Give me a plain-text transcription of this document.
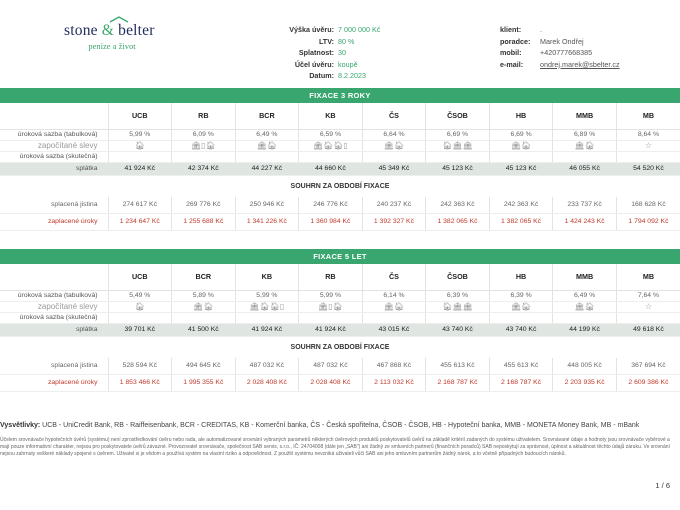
stone & belter
peníze a život
Výška úvěru: 7 000 000 Kč
LTV: 80 %
Splatnost: 30
Účel úvěru: koupě
Datum: 8.2.2023
klient:	.
poradce:	Marek Ondřej
mobil:	+420777668385
e-mail:	ondrej.marek@sbelter.cz
FIXACE 3 ROKY
	UCB	RB	BCR	KB	ČS	ČSOB	HB	MMB	MB
úroková sazba (tabulková)	5,99 %	6,09 %	6,49 %	6,59 %	6,64 %	6,69 %	6,69 %	6,89 %	8,64 %
započítané slevy	🏠︎	🏦︎▯🏠︎	🏦︎🏠︎	🏦︎🏠︎🏠︎▯	🏦︎🏠︎	🏠︎🏦︎🏦︎	🏦︎🏠︎	🏦︎🏠︎	☆
úroková sazba (skutečná)									
splátka	41 924 Kč	42 374 Kč	44 227 Kč	44 660 Kč	45 349 Kč	45 123 Kč	45 123 Kč	46 055 Kč	54 520 Kč
SOUHRN ZA OBDOBÍ FIXACE									
splacená jistina	274 617 Kč	269 776 Kč	250 946 Kč	246 776 Kč	240 237 Kč	242 363 Kč	242 363 Kč	233 737 Kč	168 628 Kč
zaplacené úroky	1 234 647 Kč	1 255 688 Kč	1 341 226 Kč	1 360 984 Kč	1 392 327 Kč	1 382 065 Kč	1 382 065 Kč	1 424 243 Kč	1 794 092 Kč
FIXACE 5 LET
	UCB	BCR	KB	RB	ČS	ČSOB	HB	MMB	MB
úroková sazba (tabulková)	5,49 %	5,89 %	5,99 %	5,99 %	6,14 %	6,39 %	6,39 %	6,49 %	7,64 %
započítané slevy	🏠︎	🏦︎🏠︎	🏦︎🏠︎🏠︎▯	🏦︎▯🏠︎	🏦︎🏠︎	🏠︎🏦︎🏦︎	🏦︎🏠︎	🏦︎🏠︎	☆
úroková sazba (skutečná)									
splátka	39 701 Kč	41 500 Kč	41 924 Kč	41 924 Kč	43 015 Kč	43 740 Kč	43 740 Kč	44 199 Kč	49 618 Kč
SOUHRN ZA OBDOBÍ FIXACE									
splacená jistina	528 594 Kč	494 645 Kč	487 032 Kč	487 032 Kč	467 868 Kč	455 613 Kč	455 613 Kč	448 005 Kč	367 694 Kč
zaplacené úroky	1 853 466 Kč	1 995 355 Kč	2 028 408 Kč	2 028 408 Kč	2 113 032 Kč	2 168 787 Kč	2 168 787 Kč	2 203 935 Kč	2 609 386 Kč
Vysvětlivky: UCB - UniCredit Bank, RB - Raiffeisenbank, BCR - CREDITAS, KB - Komerční banka, ČS - Česká spořitelna, ČSOB - ČSOB, HB - Hypoteční banka, MMB - MONETA Money Bank, MB - mBank
Účelem srovnávače hypotečních úvěrů (systému) není zprostředkování úvěru nebo rada, ale automatizované srovnání vybraných parametrů některých úvěrových produktů poskytovatelů úvěrů na základě kritérií zadaných do systému uživatelem. Srovnávané údaje a hodnoty jsou srovnávače vyběrové a mají pouze informativní charakter, nejsou pro poskytovatele úvěrů závazné. Provozovatel srovnávače, společnost SAB servis, s.r.o., IČ: 24704008 (dále jen „SAB") ani žádný ze smluvních partnerů (finančních poradců) SAB neposkytují za správnost, úplnost a aktuálnost těchto údajů záruku. Ve srovnání nejsou zahrnuty veškeré náklady spojené s úvěrem. Uživatel si je vědom a používá systém na vlastní riziko a odpovědnost. Z použití systému nevzniká uživateli vůči SAB ani jeho smluvním partnerům žádný nárok, a to včetně případných budoucích nároků.
1 / 6
